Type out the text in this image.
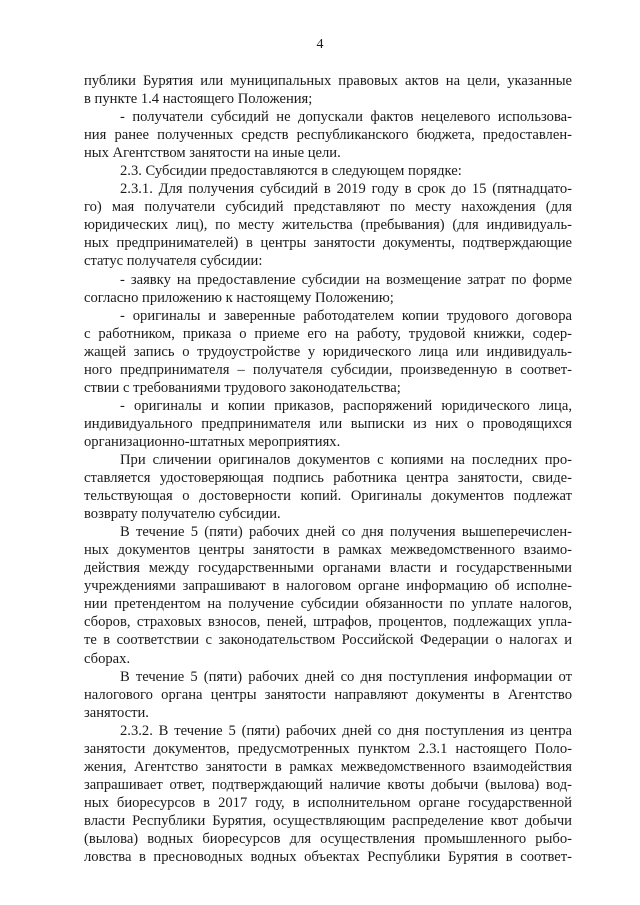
4
публики Бурятия или муниципальных правовых актов на цели, указанные
в пункте 1.4 настоящего Положения;
- получатели субсидий не допускали фактов нецелевого использова-
ния ранее полученных средств республиканского бюджета, предоставлен-
ных Агентством занятости на иные цели.
2.3. Субсидии предоставляются в следующем порядке:
2.3.1. Для получения субсидий в 2019 году в срок до 15 (пятнадцато-
го) мая получатели субсидий представляют по месту нахождения (для
юридических лиц), по месту жительства (пребывания) (для индивидуаль-
ных предпринимателей) в центры занятости документы, подтверждающие
статус получателя субсидии:
- заявку на предоставление субсидии на возмещение затрат по форме
согласно приложению к настоящему Положению;
- оригиналы и заверенные работодателем копии трудового договора
с работником, приказа о приеме его на работу, трудовой книжки, содер-
жащей запись о трудоустройстве у юридического лица или индивидуаль-
ного предпринимателя – получателя субсидии, произведенную в соответ-
ствии с требованиями трудового законодательства;
- оригиналы и копии приказов, распоряжений юридического лица,
индивидуального предпринимателя или выписки из них о проводящихся
организационно-штатных мероприятиях.
При сличении оригиналов документов с копиями на последних про-
ставляется удостоверяющая подпись работника центра занятости, свиде-
тельствующая о достоверности копий. Оригиналы документов подлежат
возврату получателю субсидии.
В течение 5 (пяти) рабочих дней со дня получения вышеперечислен-
ных документов центры занятости в рамках межведомственного взаимо-
действия между государственными органами власти и государственными
учреждениями запрашивают в налоговом органе информацию об исполне-
нии претендентом на получение субсидии обязанности по уплате налогов,
сборов, страховых взносов, пеней, штрафов, процентов, подлежащих упла-
те в соответствии с законодательством Российской Федерации о налогах и
сборах.
В течение 5 (пяти) рабочих дней со дня поступления информации от
налогового органа центры занятости направляют документы в Агентство
занятости.
2.3.2. В течение 5 (пяти) рабочих дней со дня поступления из центра
занятости документов, предусмотренных пунктом 2.3.1 настоящего Поло-
жения, Агентство занятости в рамках межведомственного взаимодействия
запрашивает ответ, подтверждающий наличие квоты добычи (вылова) вод-
ных биоресурсов в 2017 году, в исполнительном органе государственной
власти Республики Бурятия, осуществляющим распределение квот добычи
(вылова) водных биоресурсов для осуществления промышленного рыбо-
ловства в пресноводных водных объектах Республики Бурятия в соответ-
